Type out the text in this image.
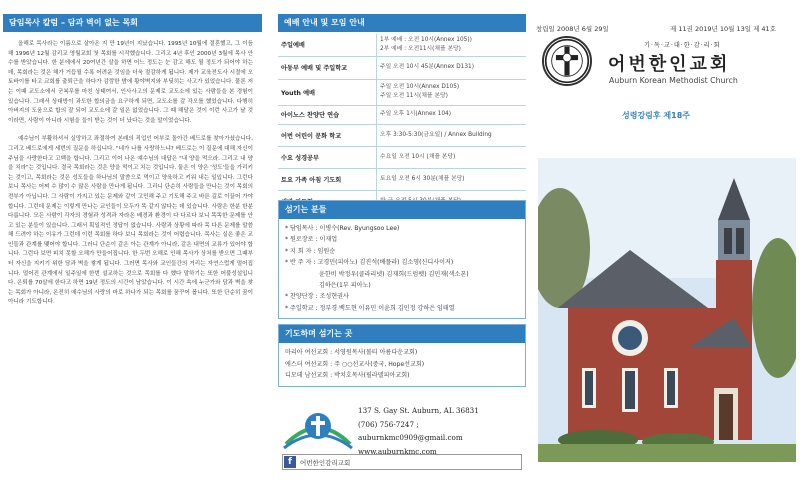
담임목사 칼럼 – 담과 벽이 없는 목회

올해로 목사라는 이름으로 살아온 지 만 19년이 지났습니다. 1995년 10월에 결혼했고, 그 이듬해 1996년 12월 감리교 영월교회 첫 목회를 시작했습니다. 그리고 4년 후인 2000년 3월에 목사 안수를 받았습니다. 한 분에에서 20여년간 살을 하면 어느 정도는 눈 감고 해도 될 정도가 되어야 하는데, 목회라는 것은 해가 거듭될 수록 어려운 것임을 더욱 절감하게 됩니다. 제가 교육전도사 시절에 오토바이를 타고 교회를 출퇴근을 하다가 감깜한 밤에 황야벽지와 부딪히는 사고가 있었습니다. 물론 저는 이때 교도소에서 군복무를 마친 상태여서, 인사사고의 문제로 교도소에 있는 사람들을 본 경험이 있습니다. 그래서 상대방이 과도한 합의금을 요구하게 되면, 교도소를 갈 각오를 했었습니다. 다행히 아버지의 도움으로 합의 잘 되어 교도소에 갈 일은 없었습니다. 그 때 해달은 것이 이런 사고가 날 것이라면, 사람이 아니라 시험을 들이 받는 것이 더 났다는 것을 말이었습니다.

예수님이 부활하셔서 실망하고 좌절하여 본래의 직업인 어부로 돌아간 베드로를 찾아가셨습니다. 그리고 베드로에게 세번의 질문을 하십니다. "네가 나를 사랑하느냐? 베드로는 이 질문에 대해 자신이 주님을 사랑한다고 고백을 합니다. 그리고 이어 나온 예수님의 대답은 "내 양을 먹으라. 그리고 내 양을 치라"는 것입니다. 결국 목회라는 것은 양을 먹이고 치는 것입니다. 둘은 이 양은 '성도'들을 가리키는 것이고, 목회라는 것은 성도들을 하나님의 말씀으로 먹이고 양육하고 키워 내는 일입니다. 그런다 보니 목사는 어찌 수 많이 수 많은 사람을 만나게 됩니다. 그리니 단순히 사람들을 만나는 것이 목회의 전부가 아닙니다. 그 사람이 가지고 있는 문제와 같이 고민해 주고 기도해 주고 바른 길로 이끌어 가야 합니다. 그런데 문제는 이렇게 만나는 교인들이 모두가 똑 같지 않다는 데 있습니다. 사람은 한분 한분 다릅니다. 모든 사람이 각자의 경험과 성격과 자라온 배경과 환경이 다 다르다 보니 똑똑한 문제를 안고 있는 분들이 있습니다. 그래서 획일적인 정답이 없습니다. 사람과 상황에 따라 목 다른 문제를 말씀해 드려야 하는 이유가 그런데 이런 목회를 하다 보니 목회라는 것이 어렵습니다. 목사는 실은 좋은 교인들과 관계를 맺어야 합니다. 그러니 단순이 같은 아는 관계가 아니라, 같은 내면의 교류가 있어야 합니다. 그런다 보면 피치 못할 오해가 만들어집니다. 한 두번 오해로 인해 목사가 상처를 받으면 그때부터 자신을 지키기 위한 담과 벽을 쌓게 됩니다. 그러면 목사와 교인들간의 거리는 자연스럽게 멀어집니다. 멀어진 관계에서 일주일에 한번 설교하는 것으로 목회를 다 했다 말하기는 또한 어불성설입니다. 은퇴를 70살에 한다고 하면 19년 정도의 시간이 남았습니다. 이 시간 속에 누군가와 담과 벽을 찾는 목회가 아니라, 온전히 예수님의 사랑의 마로 하나가 되는 목회를 꿈꾸어 봅니다. 또한 단순히 꿈이 아니라 기도합니다.

예배 안내 및 모임 안내
주일예배	1부 예배 : 오전 10시(Annex 105))
2부 예배 : 오전11시(채플 본당)

아동부 예배 및 주일학교	주일 오전 10시 45분(Annex D131)
Youth 예배	주일 오전 10시(Annex D105)
주일 오전 11시(채플 본당)

아이노스 찬양단 연습	주일 오후 1시(Annex 104)
어번 어린이 문화 학교	오후 3:30-5:30(금요일) / Annex Building
수요 성경공부	수요일 오전 10시 (채플 본당)
토요 가족 아침 기도회	토요일 오전 6시 30분(채플 본당)

섬기는 분들
* 담임목사 : 이병수(Rev. Byungsoo Lee)
* 원로장로 : 이재업
* 지 회 자 : 임원순
* 반 주 자 : 고경민(피아노) 김진석(베플라) 김소영(신디사이저)
윤한비 박정우(클라리넷) 김재희(드럼펫) 김민재(색소폰)
김하은(1부 피아노)
* 찬양단장 : 조성현권사
* 주일학교 : 정부경 백도현 이유민 이윤희 김민정 강하은 임태열
기도하며 섬기는 곳
마리아 여선교회 : 서영원목사(볼티 아름다운교회)
에스더 여선교회 : 주 ○○선교사(중국, Hope선교회)
디모데 남선교회 : 박치호목사(필라델피아교회)
137 S. Gay St. Auburn, AL 36831
(706) 756-7247 ; auburnkmc0909@gmail.com
www.auburnkmc.com
f	어번한인감리교회
창립일 2008년 6월 29일	제 11권 2019년 10월 13일 제 41호
기·독·교·대·한·감·리·회
어번한인교회
Auburn Korean Methodist Church
성령강림후 제18주
